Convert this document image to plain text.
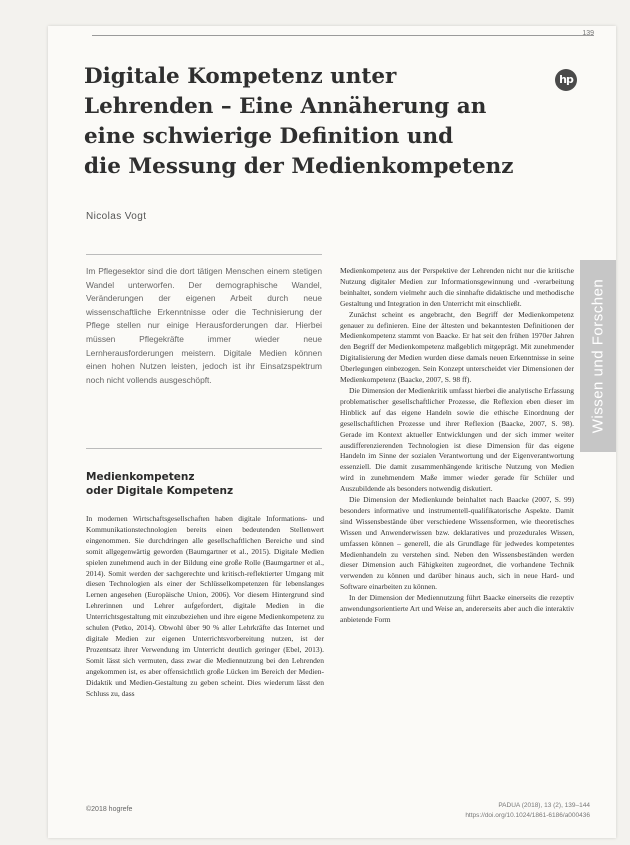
139
Digitale Kompetenz unter
Lehrenden – Eine Annäherung an
eine schwierige Definition und
die Messung der Medienkompetenz
hp
Nicolas Vogt

Im Pflegesektor sind die dort tätigen Menschen einem stetigen Wandel unterworfen. Der demographische Wandel, Veränderungen der eigenen Arbeit durch neue wissenschaftliche Erkenntnisse oder die Technisierung der Pflege stellen nur einige Herausforderungen dar. Hierbei müssen Pflegekräfte immer wieder neue Lernherausforderungen meistern. Digitale Medien können einen hohen Nutzen leisten, jedoch ist ihr Einsatzspektrum noch nicht vollends ausgeschöpft.

Medienkompetenz
oder Digitale Kompetenz

In modernen Wirtschaftsgesellschaften haben digitale Informations- und Kommunikationstechnologien bereits einen bedeutenden Stellenwert eingenommen. Sie durchdringen alle gesellschaftlichen Bereiche und sind somit allgegenwärtig geworden (Baumgartner et al., 2015). Digitale Medien spielen zunehmend auch in der Bildung eine große Rolle (Baumgartner et al., 2014). Somit werden der sachgerechte und kritisch-reflektierter Umgang mit diesen Technologien als einer der Schlüsselkompetenzen für lebenslanges Lernen angesehen (Europäische Union, 2006). Vor diesem Hintergrund sind Lehrerinnen und Lehrer aufgefordert, digitale Medien in die Unterrichtsgestaltung mit einzubeziehen und ihre eigene Medienkompetenz zu schulen (Petko, 2014). Obwohl über 90 % aller Lehrkräfte das Internet und digitale Medien zur eigenen Unterrichtsvorbereitung nutzen, ist der Prozentsatz ihrer Verwendung im Unterricht deutlich geringer (Ebel, 2013). Somit lässt sich vermuten, dass zwar die Mediennutzung bei den Lehrenden angekommen ist, es aber offensichtlich große Lücken im Bereich der Medien-Didaktik und Medien-Gestaltung zu geben scheint. Dies wiederum lässt den Schluss zu, dass

Medienkompetenz aus der Perspektive der Lehrenden nicht nur die kritische Nutzung digitaler Medien zur Informationsgewinnung und -verarbeitung beinhaltet, sondern vielmehr auch die sinnhafte didaktische und methodische Gestaltung und Integration in den Unterricht mit einschließt.

Zunächst scheint es angebracht, den Begriff der Medienkompetenz genauer zu definieren. Eine der ältesten und bekanntesten Definitionen der Medienkompetenz stammt von Baacke. Er hat seit den frühen 1970er Jahren den Begriff der Medienkompetenz maßgeblich mitgeprägt. Mit zunehmender Digitalisierung der Medien wurden diese damals neuen Erkenntnisse in seine Überlegungen einbezogen. Sein Konzept unterscheidet vier Dimensionen der Medienkompetenz (Baacke, 2007, S. 98 ff).

Die Dimension der Medienkritik umfasst hierbei die analytische Erfassung problematischer gesellschaftlicher Prozesse, die Reflexion eben dieser im Hinblick auf das eigene Handeln sowie die ethische Einordnung der gesellschaftlichen Prozesse und ihrer Reflexion (Baacke, 2007, S. 98). Gerade im Kontext aktueller Entwicklungen und der sich immer weiter ausdifferenzierenden Technologien ist diese Dimension für das eigene Handeln im Sinne der sozialen Verantwortung und der Eigenverantwortung essenziell. Die damit zusammenhängende kritische Nutzung von Medien wird in zunehmendem Maße immer wieder gerade für Schüler und Auszubildende als besonders notwendig diskutiert.

Die Dimension der Medienkunde beinhaltet nach Baacke (2007, S. 99) besonders informative und instrumentell-qualifikatorische Aspekte. Damit sind Wissensbestände über verschiedene Wissensformen, wie theoretisches Wissen und Anwenderwissen bzw. deklaratives und prozedurales Wissen, umfassen können – generell, die als Grundlage für jedwedes kompetentes Medienhandeln zu verstehen sind. Neben den Wissensbeständen werden dieser Dimension auch Fähigkeiten zugeordnet, die vorhandene Technik verwenden zu können und darüber hinaus auch, sich in neue Hard- und Software einarbeiten zu können.

In der Dimension der Mediennutzung führt Baacke einerseits die rezeptiv anwendungsorientierte Art und Weise an, andererseits aber auch die interaktiv anbietende Form

Wissen und Forschen
©2018 hogrefe
PADUA (2018), 13 (2), 139–144
https://doi.org/10.1024/1861-6186/a000436
